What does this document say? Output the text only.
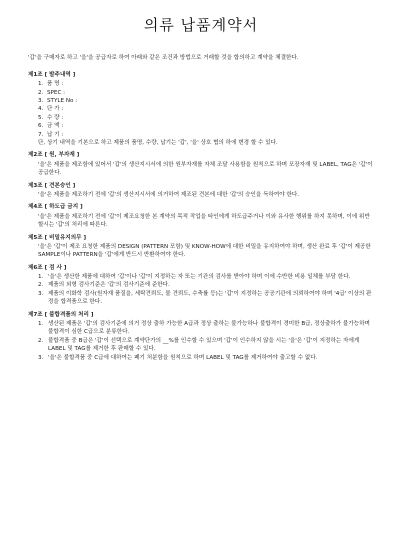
의류 납품계약서

'갑'을 구매자로 하고 '을'을 공급자로 하여 아래와 같은 조건과 방법으로 거래할 것을 합의하고 계약을 체결한다.

제1조 [ 발주내역 ]
1. 품 명 :
2. SPEC :
3. STYLE No :
4. 단 가 :
5. 수 량 :
6. 금 액 :
7. 납 기 :

단, 상기 내역을 기본으로 하고 제품의 품명, 수량, 납기는 '갑', '을' 상호 협의 하에 변경 할 수 있다.

제2조 [ 원, 부자재 ]

'을'은 제품을 제조함에 있어서 '갑'의 생산지시서에 의한 원부자재를 자체 조달 사용함을 원칙으로 하며 포장자재 및 LABEL, TAG은 '갑'이 공급한다.

제3조 [ 견본승인 ]

'을'은 제품을 제조하기 전에 '갑'의 생산지시서에 의거하여 제조된 견본에 대한 '갑'의 승인을 득하여야 한다.

제4조 [ 하도급 금지 ]

'을'은 제품을 제조하기 전에 '갑'이 제조요청한 본 계약의 목적 작업을 타인에게 하도급주거나 이와 유사한 행위를 하지 못하며, 이에 위반할시는 '갑'의 처리에 따른다.

제5조 [ 비밀유지의무 ]

'을'은 '갑'이 제조 요청한 제품의 DESIGN (PATTERN 포함) 및 KNOW-HOW에 대한 비밀을 유지하여야 하며, 생산 완료 후 '갑'이 제공한 SAMPLE이나 PATTERN을 '갑'에게 반드시 반환하여야 한다.

제6조 [ 검 사 ]
1. '을'은 생산한 제품에 대하여 '갑'이나 '갑'이 지정하는 자 또는 기관의 검사를 받아야 하며 이에 수반한 비용 일체를 부담 한다.
2. 제품의 외형 검사기준은 '갑'의 검사기준에 준한다.
3. 제품의 이화학 검사(원자재 품질을, 세탁견뢰도, 물 견뢰도, 수축률 등)는 '갑'이 지정하는 공공기관에 의뢰하여야 하며 '4급' 이상의 판정을 합격품으로 한다.
제7조 [ 불합격품의 처리 ]
1. 생산된 제품은 '갑'의 검사기준에 의거 정상 출하 가능한 A급과 정상 출하는 불가능하나 불합격이 경미한 B급, 정상출하가 불가능하며 불합격이 심한 C급으로 분류한다.
2. 불합격품 중 B급은 '갑'이 선택으로 계약단가의 __%를 인수할 수 있으며 '갑'이 인수하지 않을 시는 '을'은 '갑'이 지정하는 자에게 LABEL 및 TAG를 제거한 후 판매할 수 있다.
3. '을'은 불합격품 중 C급에 대하여는 폐기 처분함을 원칙으로 하며 LABEL 및 TAG를 제거하여야 출고할 수 없다.
